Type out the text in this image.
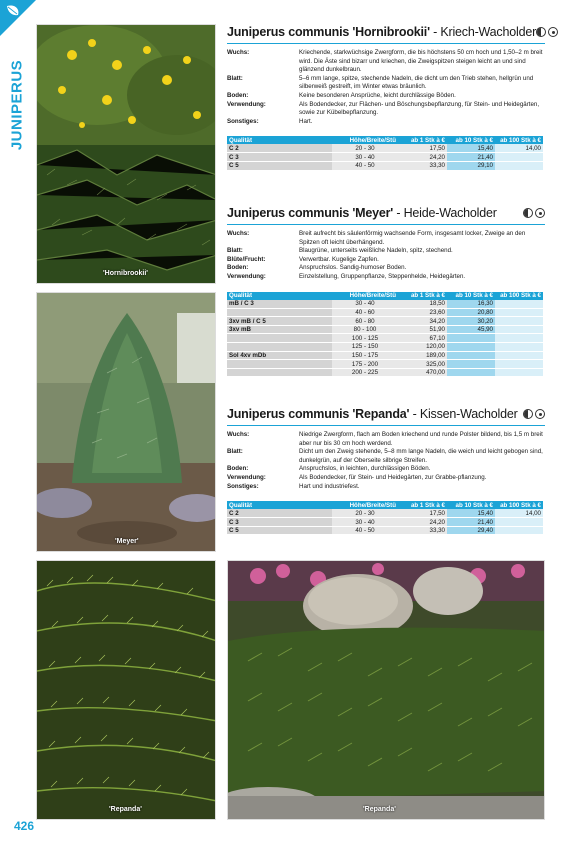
JUNIPERUS
'Hornibrookii'
'Meyer'
'Repanda'	'Repanda'
Juniperus communis 'Hornibrookii' - Kriech-Wacholder
Wuchs:	Kriechende, starkwüchsige Zwergform, die bis höchstens 50 cm hoch und 1,50–2 m breit wird. Die Äste sind bizarr und kriechen, die Zweigspitzen steigen leicht an und sind glänzend dunkelbraun.
Blatt:	5–6 mm lange, spitze, stechende Nadeln, die dicht um den Trieb stehen, hellgrün und silberweiß gestreift, im Winter etwas bräunlich.
Boden:	Keine besonderen Ansprüche, leicht durchlässige Böden.
Verwendung:	Als Bodendecker, zur Flächen- und Böschungsbepflanzung, für Stein- und Heidegärten, sowie zur Kübelbepflanzung.
Sonstiges:	Hart.
Qualität	Höhe/Breite/Stü	ab 1 Stk à €	ab 10 Stk à €	ab 100 Stk à €
C 2	20 - 30	17,50	15,40	14,00
C 3	30 - 40	24,20	21,40	
C 5	40 - 50	33,30	29,10	
Juniperus communis 'Meyer' - Heide-Wacholder
Wuchs:	Breit aufrecht bis säulenförmig wachsende Form, insgesamt locker, Zweige an den Spitzen oft leicht überhängend.
Blatt:	Blaugrüne, unterseits weißliche Nadeln, spitz, stechend.
Blüte/Frucht:	Verwertbar. Kugelige Zapfen.
Boden:	Anspruchslos. Sandig-humoser Boden.
Verwendung:	Einzelstellung, Gruppenpflanze, Steppenhelde, Heidegärten.
Qualität	Höhe/Breite/Stü	ab 1 Stk à €	ab 10 Stk à €	ab 100 Stk à €
mB / C 3	30 - 40	18,50	16,30	
	40 - 60	23,60	20,80	
3xv mB / C 5	60 - 80	34,20	30,20	
3xv mB	80 - 100	51,90	45,90	
	100 - 125	67,10		
	125 - 150	120,00		
Sol 4xv mDb	150 - 175	189,00		
	175 - 200	325,00		
	200 - 225	470,00		
Juniperus communis 'Repanda' - Kissen-Wacholder
Wuchs:	Niedrige Zwergform, flach am Boden kriechend und runde Polster bildend, bis 1,5 m breit aber nur bis 30 cm hoch werdend.
Blatt:	Dicht um den Zweig stehende, 5–8 mm lange Nadeln, die weich und leicht gebogen sind, dunkelgrün, auf der Oberseite silbrige Streifen.
Boden:	Anspruchslos, in leichten, durchlässigen Böden.
Verwendung:	Als Bodendecker, für Stein- und Heidegärten, zur Grabbe-pflanzung.
Sonstiges:	Hart und industriefest.
Qualität	Höhe/Breite/Stü	ab 1 Stk à €	ab 10 Stk à €	ab 100 Stk à €
C 2	20 - 30	17,50	15,40	14,00
C 3	30 - 40	24,20	21,40	
C 5	40 - 50	33,30	29,40	
426
